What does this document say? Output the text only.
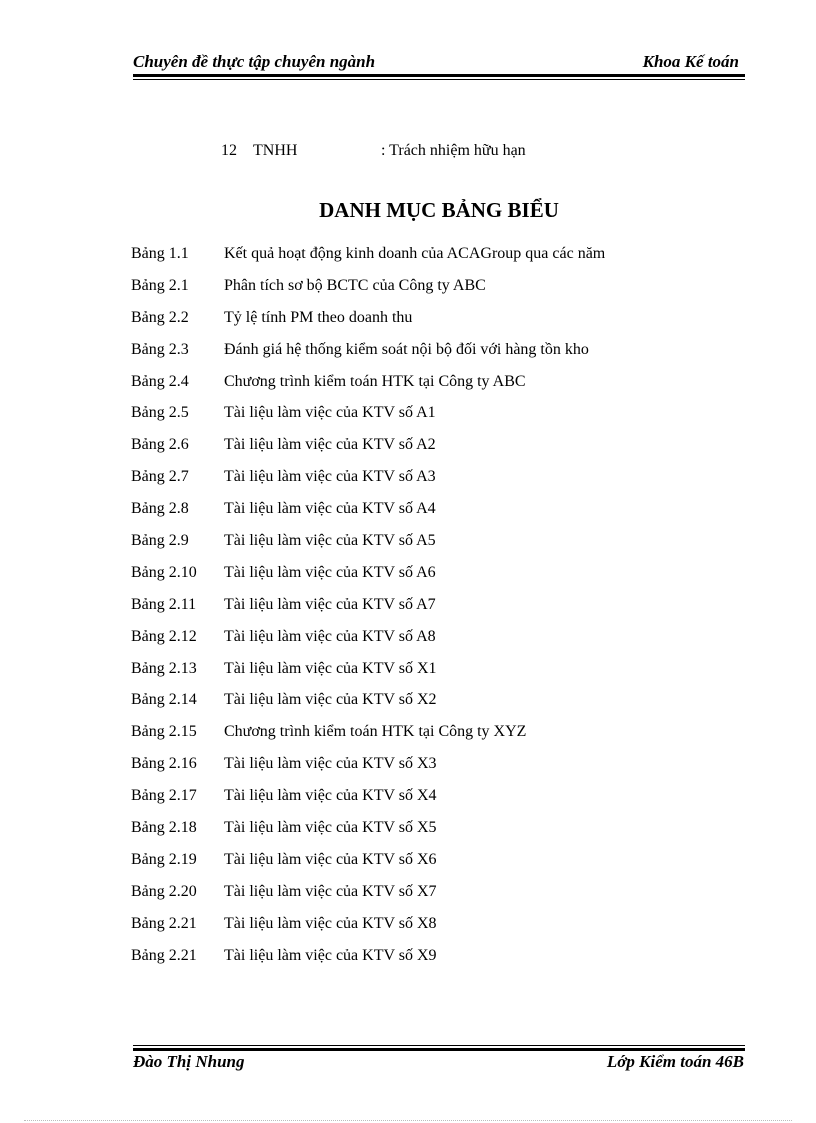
Chuyên đề thực tập chuyên ngành	Khoa Kế toán
12 TNHH	: Trách nhiệm hữu hạn
DANH MỤC BẢNG BIỂU
Bảng 1.1 Kết quả hoạt động kinh doanh của ACAGroup qua các năm
Bảng 2.1 Phân tích sơ bộ BCTC của Công ty ABC
Bảng 2.2 Tỷ lệ tính PM theo doanh thu
Bảng 2.3 Đánh giá hệ thống kiểm soát nội bộ đối với hàng tồn kho
Bảng 2.4 Chương trình kiểm toán HTK tại Công ty ABC
Bảng 2.5 Tài liệu làm việc của KTV số A1
Bảng 2.6 Tài liệu làm việc của KTV số A2
Bảng 2.7 Tài liệu làm việc của KTV số A3
Bảng 2.8 Tài liệu làm việc của KTV số A4
Bảng 2.9 Tài liệu làm việc của KTV số A5
Bảng 2.10 Tài liệu làm việc của KTV số A6
Bảng 2.11 Tài liệu làm việc của KTV số A7
Bảng 2.12 Tài liệu làm việc của KTV số A8
Bảng 2.13 Tài liệu làm việc của KTV số X1
Bảng 2.14 Tài liệu làm việc của KTV số X2
Bảng 2.15 Chương trình kiểm toán HTK tại Công ty XYZ
Bảng 2.16 Tài liệu làm việc của KTV số X3
Bảng 2.17 Tài liệu làm việc của KTV số X4
Bảng 2.18 Tài liệu làm việc của KTV số X5
Bảng 2.19 Tài liệu làm việc của KTV số X6
Bảng 2.20 Tài liệu làm việc của KTV số X7
Bảng 2.21 Tài liệu làm việc của KTV số X8
Bảng 2.21 Tài liệu làm việc của KTV số X9
Đào Thị Nhung	Lớp Kiểm toán 46B
